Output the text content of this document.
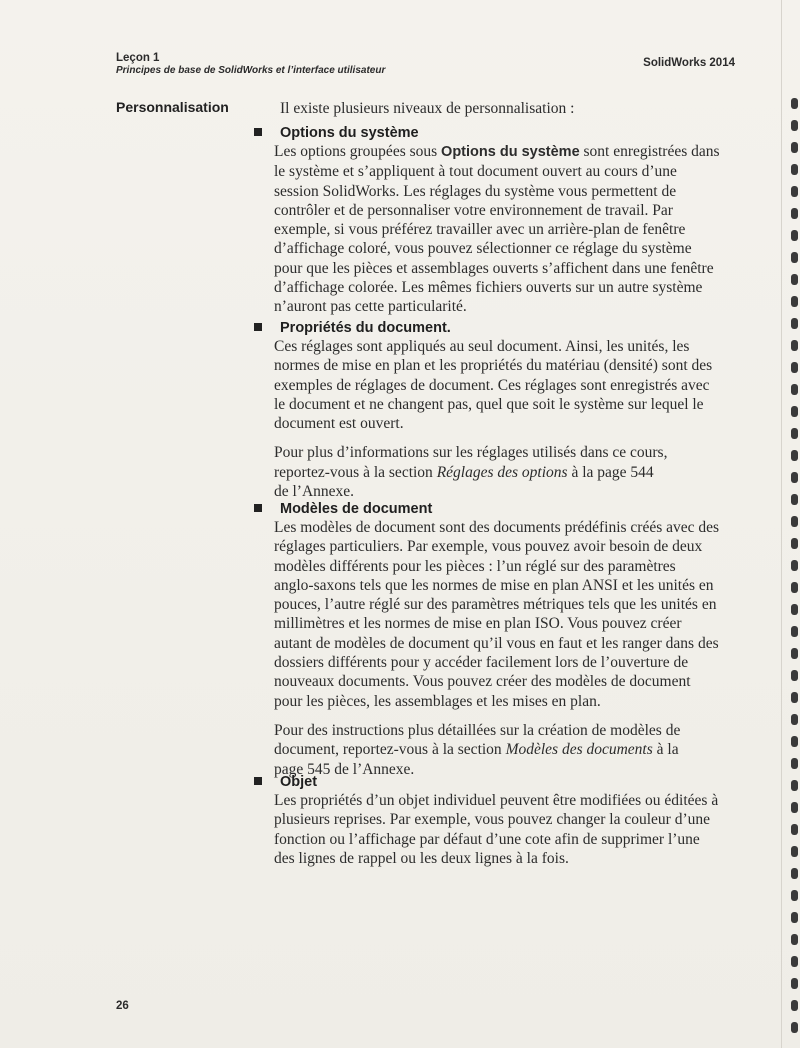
Leçon 1
Principes de base de SolidWorks et l’interface utilisateur
SolidWorks 2014
Personnalisation	Il existe plusieurs niveaux de personnalisation :
Options du système
Les options groupées sous Options du système sont enregistrées dans
le système et s’appliquent à tout document ouvert au cours d’une
session SolidWorks. Les réglages du système vous permettent de
contrôler et de personnaliser votre environnement de travail. Par
exemple, si vous préférez travailler avec un arrière-plan de fenêtre
d’affichage coloré, vous pouvez sélectionner ce réglage du système
pour que les pièces et assemblages ouverts s’affichent dans une fenêtre
d’affichage colorée. Les mêmes fichiers ouverts sur un autre système
n’auront pas cette particularité.
Propriétés du document.
Ces réglages sont appliqués au seul document. Ainsi, les unités, les
normes de mise en plan et les propriétés du matériau (densité) sont des
exemples de réglages de document. Ces réglages sont enregistrés avec
le document et ne changent pas, quel que soit le système sur lequel le
document est ouvert.
Pour plus d’informations sur les réglages utilisés dans ce cours,
reportez-vous à la section Réglages des options à la page 544
de l’Annexe.
Modèles de document
Les modèles de document sont des documents prédéfinis créés avec des
réglages particuliers. Par exemple, vous pouvez avoir besoin de deux
modèles différents pour les pièces : l’un réglé sur des paramètres
anglo-saxons tels que les normes de mise en plan ANSI et les unités en
pouces, l’autre réglé sur des paramètres métriques tels que les unités en
millimètres et les normes de mise en plan ISO. Vous pouvez créer
autant de modèles de document qu’il vous en faut et les ranger dans des
dossiers différents pour y accéder facilement lors de l’ouverture de
nouveaux documents. Vous pouvez créer des modèles de document
pour les pièces, les assemblages et les mises en plan.
Pour des instructions plus détaillées sur la création de modèles de
document, reportez-vous à la section Modèles des documents à la
page 545 de l’Annexe.
Objet
Les propriétés d’un objet individuel peuvent être modifiées ou éditées à
plusieurs reprises. Par exemple, vous pouvez changer la couleur d’une
fonction ou l’affichage par défaut d’une cote afin de supprimer l’une
des lignes de rappel ou les deux lignes à la fois.
26
